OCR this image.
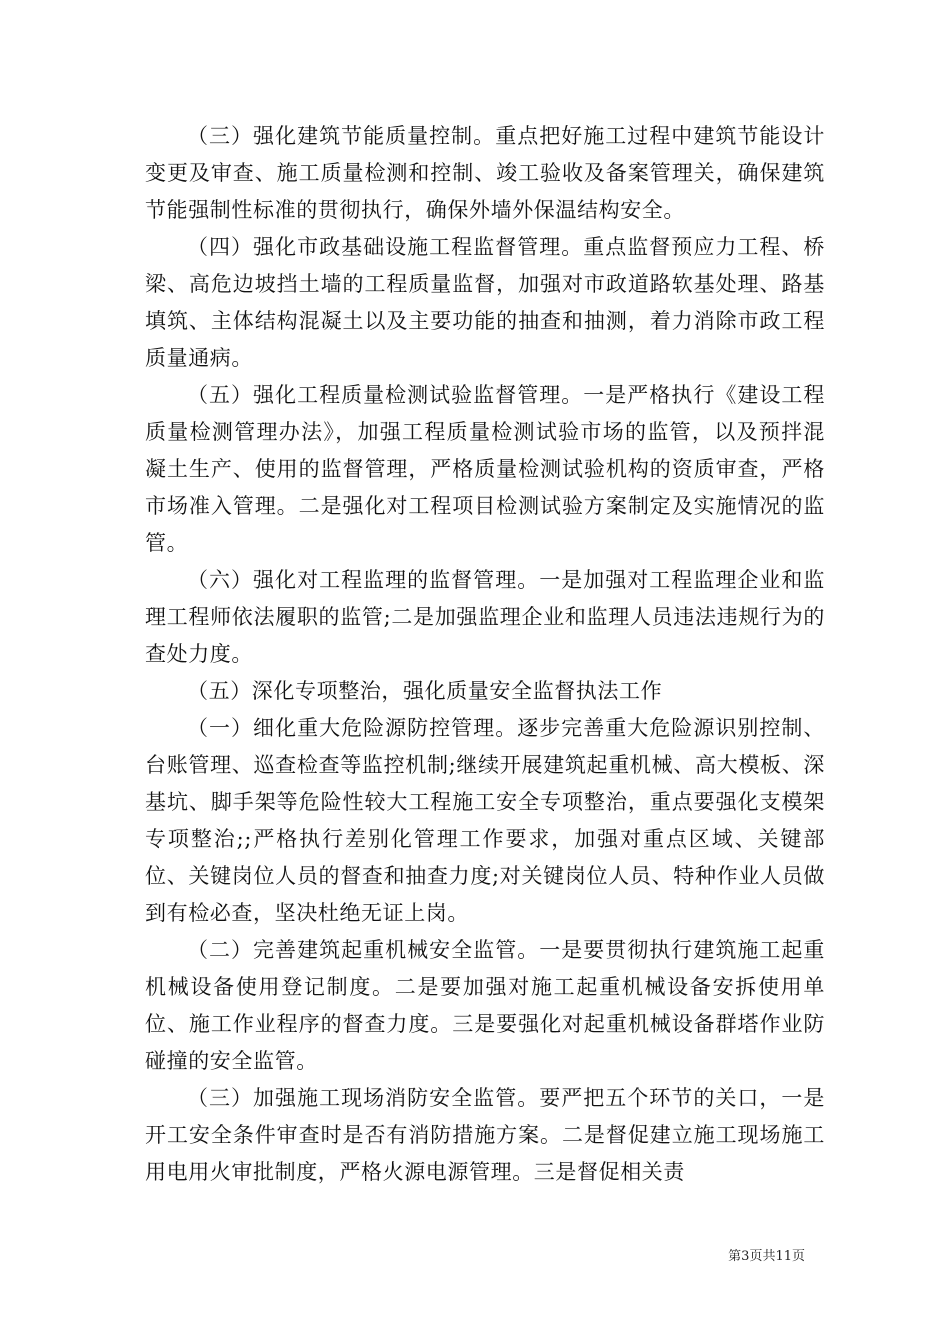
（三）强化建筑节能质量控制。重点把好施工过程中建筑节能设计变更及审查、施工质量检测和控制、竣工验收及备案管理关，确保建筑节能强制性标准的贯彻执行，确保外墙外保温结构安全。

（四）强化市政基础设施工程监督管理。重点监督预应力工程、桥梁、高危边坡挡土墙的工程质量监督，加强对市政道路软基处理、路基填筑、主体结构混凝土以及主要功能的抽查和抽测，着力消除市政工程质量通病。

（五）强化工程质量检测试验监督管理。一是严格执行《建设工程质量检测管理办法》，加强工程质量检测试验市场的监管，以及预拌混凝土生产、使用的监督管理，严格质量检测试验机构的资质审查，严格市场准入管理。二是强化对工程项目检测试验方案制定及实施情况的监管。

（六）强化对工程监理的监督管理。一是加强对工程监理企业和监理工程师依法履职的监管;二是加强监理企业和监理人员违法违规行为的查处力度。

（五）深化专项整治，强化质量安全监督执法工作

（一）细化重大危险源防控管理。逐步完善重大危险源识别控制、台账管理、巡查检查等监控机制;继续开展建筑起重机械、高大模板、深基坑、脚手架等危险性较大工程施工安全专项整治，重点要强化支模架专项整治;;严格执行差别化管理工作要求，加强对重点区域、关键部位、关键岗位人员的督查和抽查力度;对关键岗位人员、特种作业人员做到有检必查，坚决杜绝无证上岗。

（二）完善建筑起重机械安全监管。一是要贯彻执行建筑施工起重机械设备使用登记制度。二是要加强对施工起重机械设备安拆使用单位、施工作业程序的督查力度。三是要强化对起重机械设备群塔作业防碰撞的安全监管。

（三）加强施工现场消防安全监管。要严把五个环节的关口，一是开工安全条件审查时是否有消防措施方案。二是督促建立施工现场施工用电用火审批制度，严格火源电源管理。三是督促相关责

第3页共11页
